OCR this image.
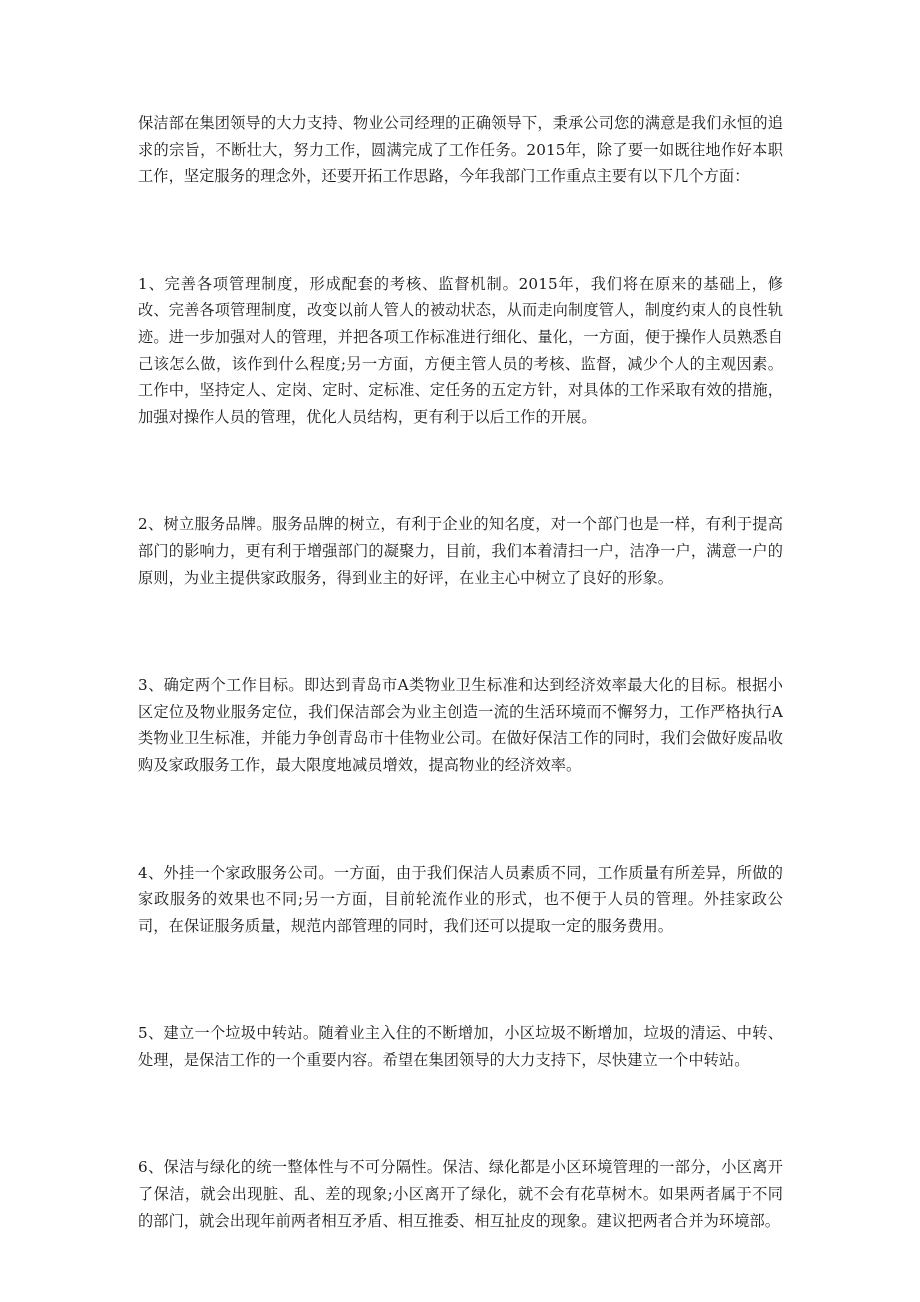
保洁部在集团领导的大力支持、物业公司经理的正确领导下，秉承公司您的满意是我们永恒的追求的宗旨，不断壮大，努力工作，圆满完成了工作任务。2015年，除了要一如既往地作好本职工作，坚定服务的理念外，还要开拓工作思路，今年我部门工作重点主要有以下几个方面：

1、完善各项管理制度，形成配套的考核、监督机制。2015年，我们将在原来的基础上，修改、完善各项管理制度，改变以前人管人的被动状态，从而走向制度管人，制度约束人的良性轨迹。进一步加强对人的管理，并把各项工作标准进行细化、量化，一方面，便于操作人员熟悉自己该怎么做，该作到什么程度;另一方面，方便主管人员的考核、监督，减少个人的主观因素。工作中，坚持定人、定岗、定时、定标准、定任务的五定方针，对具体的工作采取有效的措施，加强对操作人员的管理，优化人员结构，更有利于以后工作的开展。

2、树立服务品牌。服务品牌的树立，有利于企业的知名度，对一个部门也是一样，有利于提高部门的影响力，更有利于增强部门的凝聚力，目前，我们本着清扫一户，洁净一户，满意一户的原则，为业主提供家政服务，得到业主的好评，在业主心中树立了良好的形象。

3、确定两个工作目标。即达到青岛市A类物业卫生标准和达到经济效率最大化的目标。根据小区定位及物业服务定位，我们保洁部会为业主创造一流的生活环境而不懈努力，工作严格执行A类物业卫生标准，并能力争创青岛市十佳物业公司。在做好保洁工作的同时，我们会做好废品收购及家政服务工作，最大限度地减员增效，提高物业的经济效率。

4、外挂一个家政服务公司。一方面，由于我们保洁人员素质不同，工作质量有所差异，所做的家政服务的效果也不同;另一方面，目前轮流作业的形式，也不便于人员的管理。外挂家政公司，在保证服务质量，规范内部管理的同时，我们还可以提取一定的服务费用。

5、建立一个垃圾中转站。随着业主入住的不断增加，小区垃圾不断增加，垃圾的清运、中转、处理，是保洁工作的一个重要内容。希望在集团领导的大力支持下，尽快建立一个中转站。

6、保洁与绿化的统一整体性与不可分隔性。保洁、绿化都是小区环境管理的一部分，小区离开了保洁，就会出现脏、乱、差的现象;小区离开了绿化，就不会有花草树木。如果两者属于不同的部门，就会出现年前两者相互矛盾、相互推委、相互扯皮的现象。建议把两者合并为环境部。
